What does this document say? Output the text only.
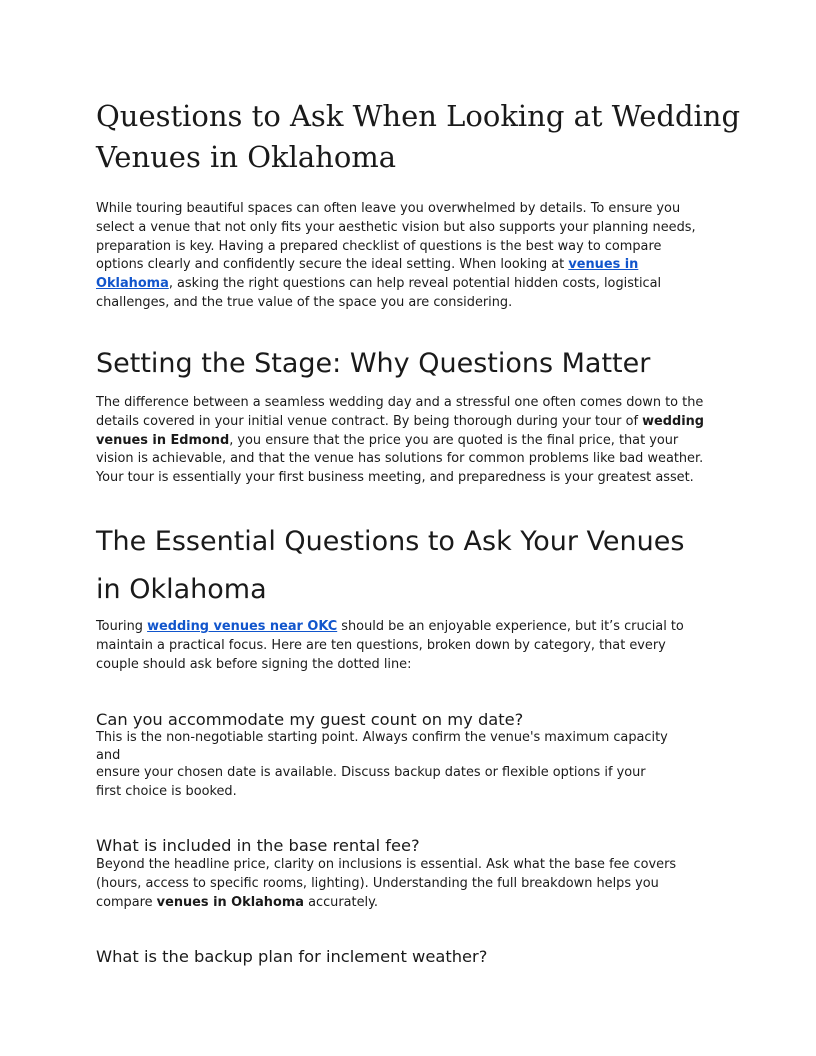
Questions to Ask When Looking at Wedding
Venues in Oklahoma

While touring beautiful spaces can often leave you overwhelmed by details. To ensure you
select a venue that not only fits your aesthetic vision but also supports your planning needs,
preparation is key. Having a prepared checklist of questions is the best way to compare
options clearly and confidently secure the ideal setting. When looking at venues in
Oklahoma, asking the right questions can help reveal potential hidden costs, logistical
challenges, and the true value of the space you are considering.

Setting the Stage: Why Questions Matter

The difference between a seamless wedding day and a stressful one often comes down to the
details covered in your initial venue contract. By being thorough during your tour of wedding
venues in Edmond, you ensure that the price you are quoted is the final price, that your
vision is achievable, and that the venue has solutions for common problems like bad weather.
Your tour is essentially your first business meeting, and preparedness is your greatest asset.

The Essential Questions to Ask Your Venues
in Oklahoma

Touring wedding venues near OKC should be an enjoyable experience, but it’s crucial to
maintain a practical focus. Here are ten questions, broken down by category, that every
couple should ask before signing the dotted line:

Can you accommodate my guest count on my date?

This is the non-negotiable starting point. Always confirm the venue's maximum capacity
and

ensure your chosen date is available. Discuss backup dates or flexible options if your
first choice is booked.

What is included in the base rental fee?

Beyond the headline price, clarity on inclusions is essential. Ask what the base fee covers
(hours, access to specific rooms, lighting). Understanding the full breakdown helps you
compare venues in Oklahoma accurately.

What is the backup plan for inclement weather?
